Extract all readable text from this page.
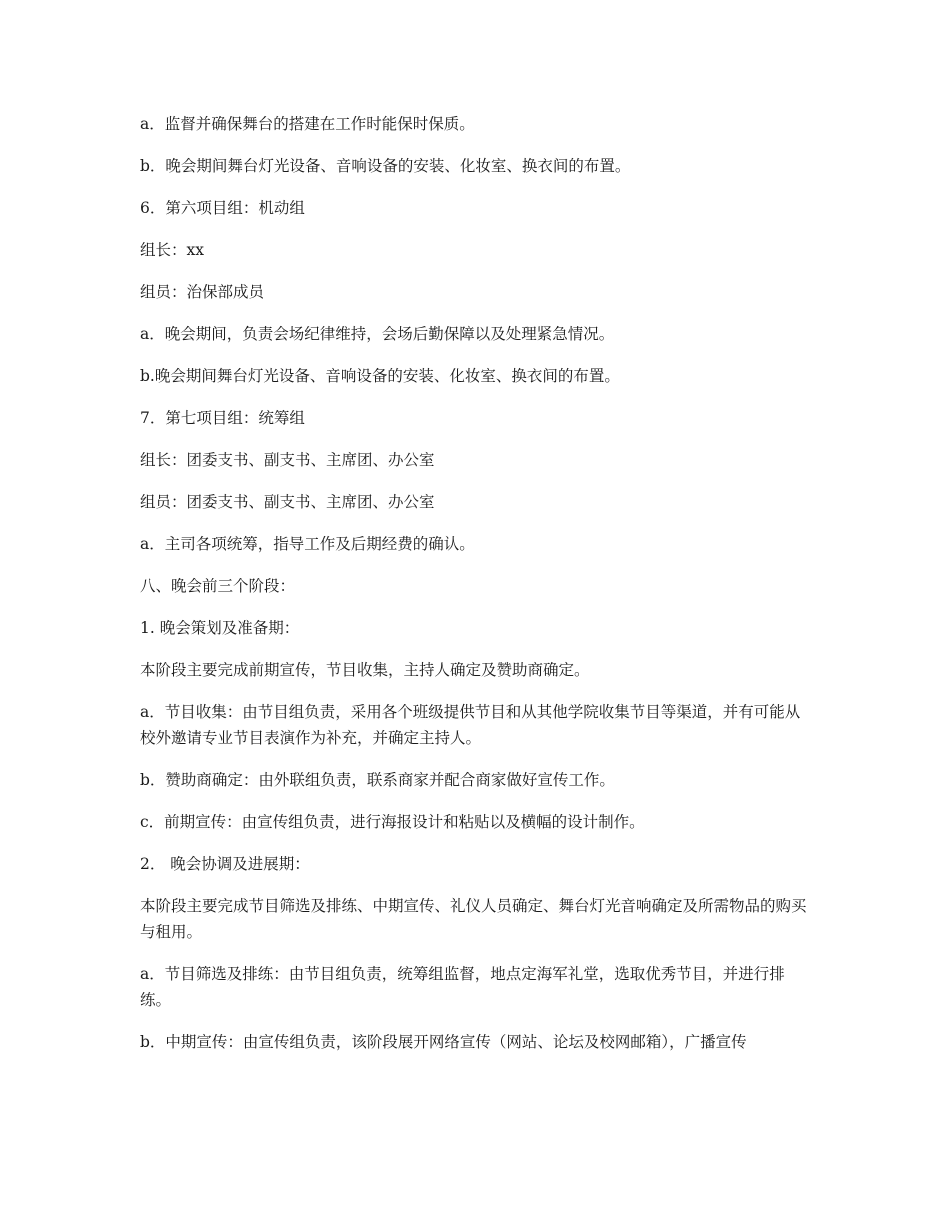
a．监督并确保舞台的搭建在工作时能保时保质。

b．晚会期间舞台灯光设备、音响设备的安装、化妆室、换衣间的布置。

6．第六项目组：机动组

组长：xx

组员：治保部成员

a．晚会期间，负责会场纪律维持，会场后勤保障以及处理紧急情况。

b.晚会期间舞台灯光设备、音响设备的安装、化妆室、换衣间的布置。

7．第七项目组：统筹组

组长：团委支书、副支书、主席团、办公室

组员：团委支书、副支书、主席团、办公室

a．主司各项统筹，指导工作及后期经费的确认。

八、晚会前三个阶段：

1. 晚会策划及准备期：

本阶段主要完成前期宣传，节目收集，主持人确定及赞助商确定。

a．节目收集：由节目组负责，采用各个班级提供节目和从其他学院收集节目等渠道，并有可能从校外邀请专业节目表演作为补充，并确定主持人。

b．赞助商确定：由外联组负责，联系商家并配合商家做好宣传工作。

c．前期宣传：由宣传组负责，进行海报设计和粘贴以及横幅的设计制作。

2． 晚会协调及进展期：

本阶段主要完成节目筛选及排练、中期宣传、礼仪人员确定、舞台灯光音响确定及所需物品的购买与租用。

a．节目筛选及排练：由节目组负责，统筹组监督，地点定海军礼堂，选取优秀节目，并进行排练。

b．中期宣传：由宣传组负责，该阶段展开网络宣传（网站、论坛及校网邮箱），广播宣传
